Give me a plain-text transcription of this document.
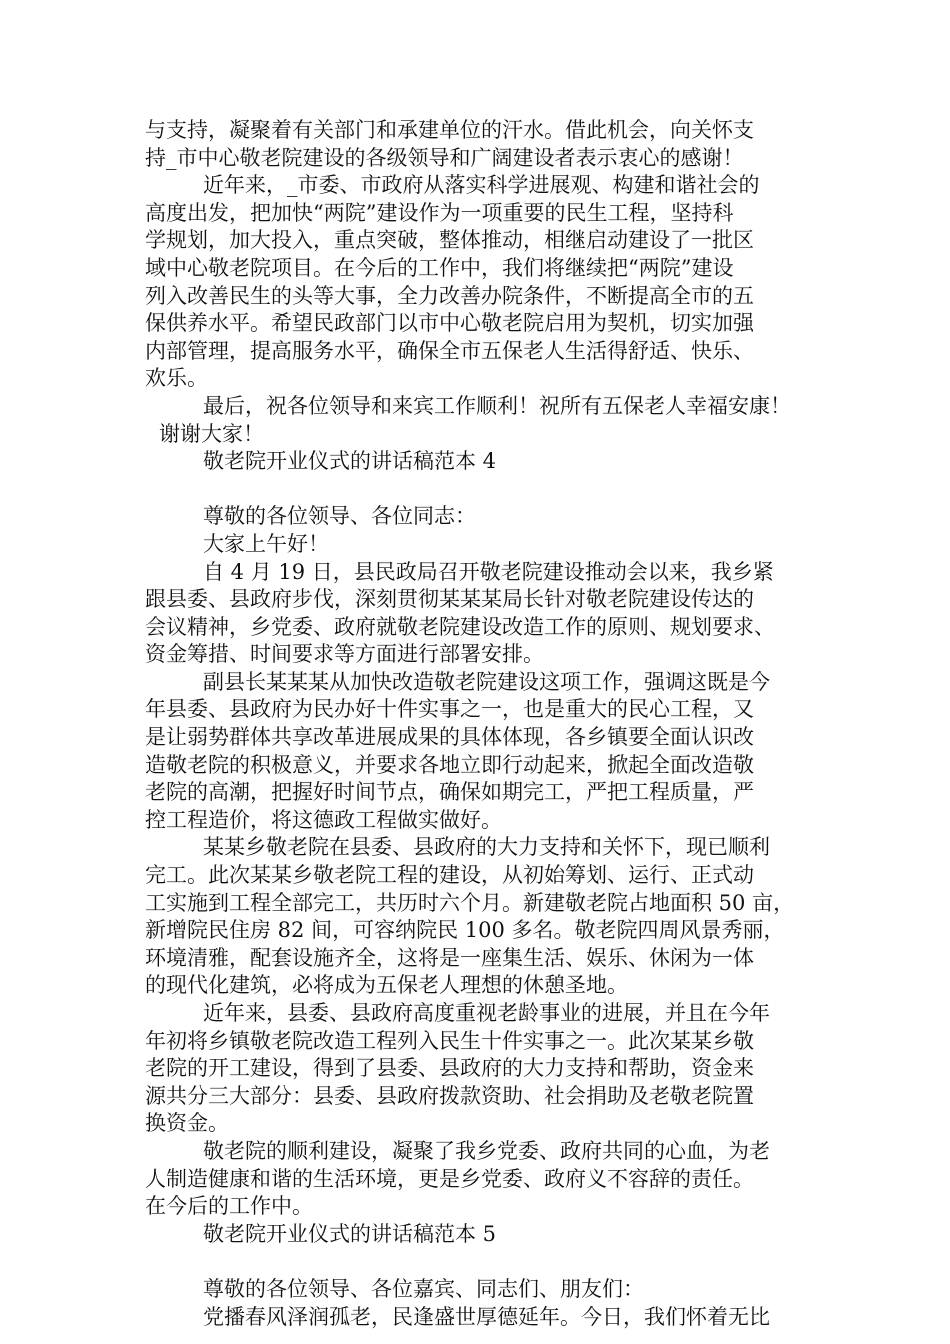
与支持，凝聚着有关部门和承建单位的汗水。借此机会，向关怀支
持_市中心敬老院建设的各级领导和广阔建设者表示衷心的感谢！
近年来，_市委、市政府从落实科学进展观、构建和谐社会的
高度出发，把加快“两院”建设作为一项重要的民生工程，坚持科
学规划，加大投入，重点突破，整体推动，相继启动建设了一批区
域中心敬老院项目。在今后的工作中，我们将继续把“两院”建设
列入改善民生的头等大事，全力改善办院条件，不断提高全市的五
保供养水平。希望民政部门以市中心敬老院启用为契机，切实加强
内部管理，提高服务水平，确保全市五保老人生活得舒适、快乐、
欢乐。
最后，祝各位领导和来宾工作顺利！祝所有五保老人幸福安康！
谢谢大家！
敬老院开业仪式的讲话稿范本 4
尊敬的各位领导、各位同志：
大家上午好！
自 4 月 19 日，县民政局召开敬老院建设推动会以来，我乡紧
跟县委、县政府步伐，深刻贯彻某某某局长针对敬老院建设传达的
会议精神，乡党委、政府就敬老院建设改造工作的原则、规划要求、
资金筹措、时间要求等方面进行部署安排。
副县长某某某从加快改造敬老院建设这项工作，强调这既是今
年县委、县政府为民办好十件实事之一，也是重大的民心工程，又
是让弱势群体共享改革进展成果的具体体现，各乡镇要全面认识改
造敬老院的积极意义，并要求各地立即行动起来，掀起全面改造敬
老院的高潮，把握好时间节点，确保如期完工，严把工程质量，严
控工程造价，将这德政工程做实做好。
某某乡敬老院在县委、县政府的大力支持和关怀下，现已顺利
完工。此次某某乡敬老院工程的建设，从初始筹划、运行、正式动
工实施到工程全部完工，共历时六个月。新建敬老院占地面积 50 亩，
新增院民住房 82 间，可容纳院民 100 多名。敬老院四周风景秀丽，
环境清雅，配套设施齐全，这将是一座集生活、娱乐、休闲为一体
的现代化建筑，必将成为五保老人理想的休憩圣地。
近年来，县委、县政府高度重视老龄事业的进展，并且在今年
年初将乡镇敬老院改造工程列入民生十件实事之一。此次某某乡敬
老院的开工建设，得到了县委、县政府的大力支持和帮助，资金来
源共分三大部分：县委、县政府拨款资助、社会捐助及老敬老院置
换资金。
敬老院的顺利建设，凝聚了我乡党委、政府共同的心血，为老
人制造健康和谐的生活环境，更是乡党委、政府义不容辞的责任。
在今后的工作中。
敬老院开业仪式的讲话稿范本 5
尊敬的各位领导、各位嘉宾、同志们、朋友们：
党播春风泽润孤老，民逢盛世厚德延年。今日，我们怀着无比
